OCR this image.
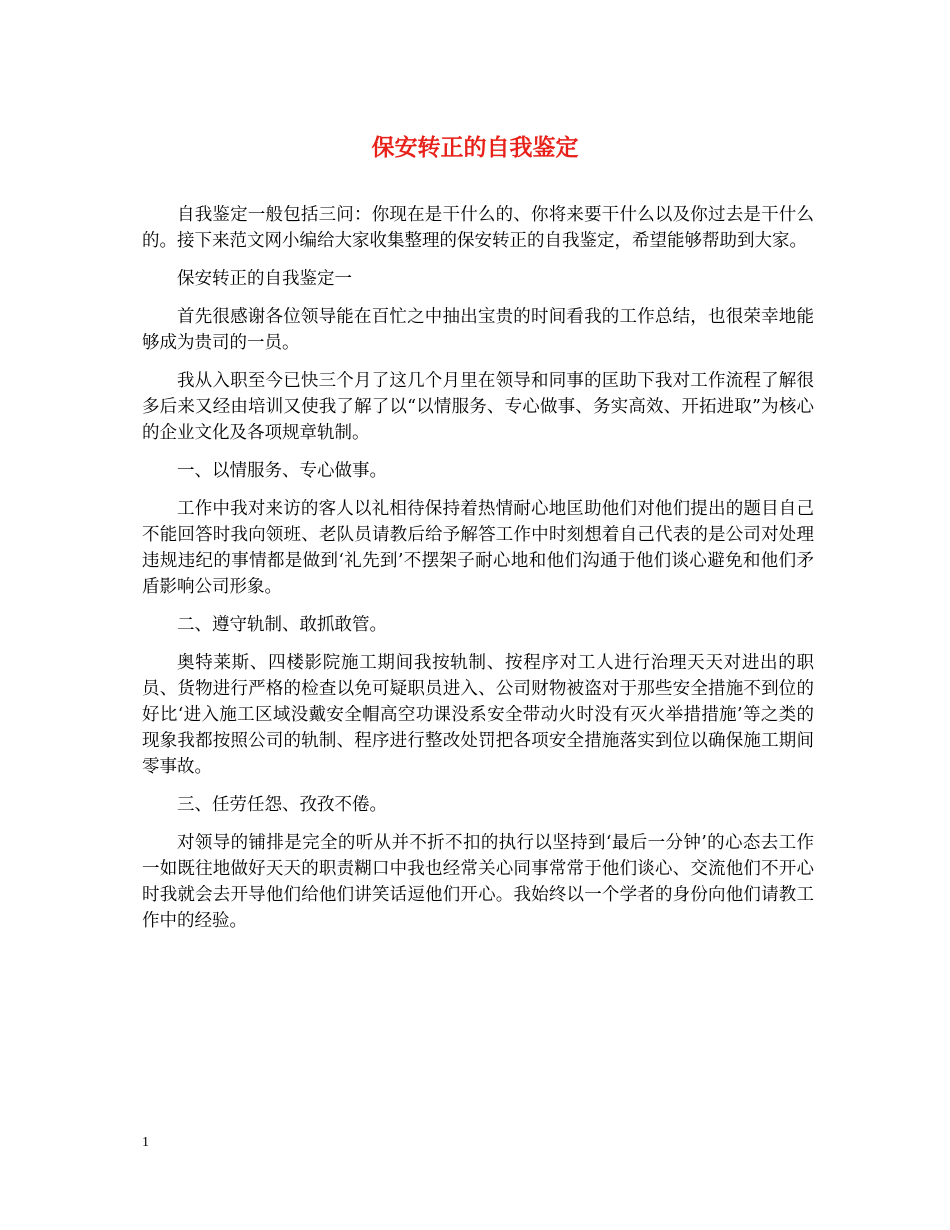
保安转正的自我鉴定

自我鉴定一般包括三问：你现在是干什么的、你将来要干什么以及你过去是干什么的。接下来范文网小编给大家收集整理的保安转正的自我鉴定，希望能够帮助到大家。

保安转正的自我鉴定一

首先很感谢各位领导能在百忙之中抽出宝贵的时间看我的工作总结，也很荣幸地能够成为贵司的一员。

我从入职至今已快三个月了这几个月里在领导和同事的匡助下我对工作流程了解很多后来又经由培训又使我了解了以“以情服务、专心做事、务实高效、开拓进取”为核心的企业文化及各项规章轨制。

一、以情服务、专心做事。

工作中我对来访的客人以礼相待保持着热情耐心地匡助他们对他们提出的题目自己不能回答时我向领班、老队员请教后给予解答工作中时刻想着自己代表的是公司对处理违规违纪的事情都是做到‘礼先到’不摆架子耐心地和他们沟通于他们谈心避免和他们矛盾影响公司形象。

二、遵守轨制、敢抓敢管。

奥特莱斯、四楼影院施工期间我按轨制、按程序对工人进行治理天天对进出的职员、货物进行严格的检查以免可疑职员进入、公司财物被盗对于那些安全措施不到位的好比‘进入施工区域没戴安全帽高空功课没系安全带动火时没有灭火举措措施’等之类的现象我都按照公司的轨制、程序进行整改处罚把各项安全措施落实到位以确保施工期间零事故。

三、任劳任怨、孜孜不倦。

对领导的铺排是完全的听从并不折不扣的执行以坚持到‘最后一分钟’的心态去工作一如既往地做好天天的职责糊口中我也经常关心同事常常于他们谈心、交流他们不开心时我就会去开导他们给他们讲笑话逗他们开心。我始终以一个学者的身份向他们请教工作中的经验。

1
